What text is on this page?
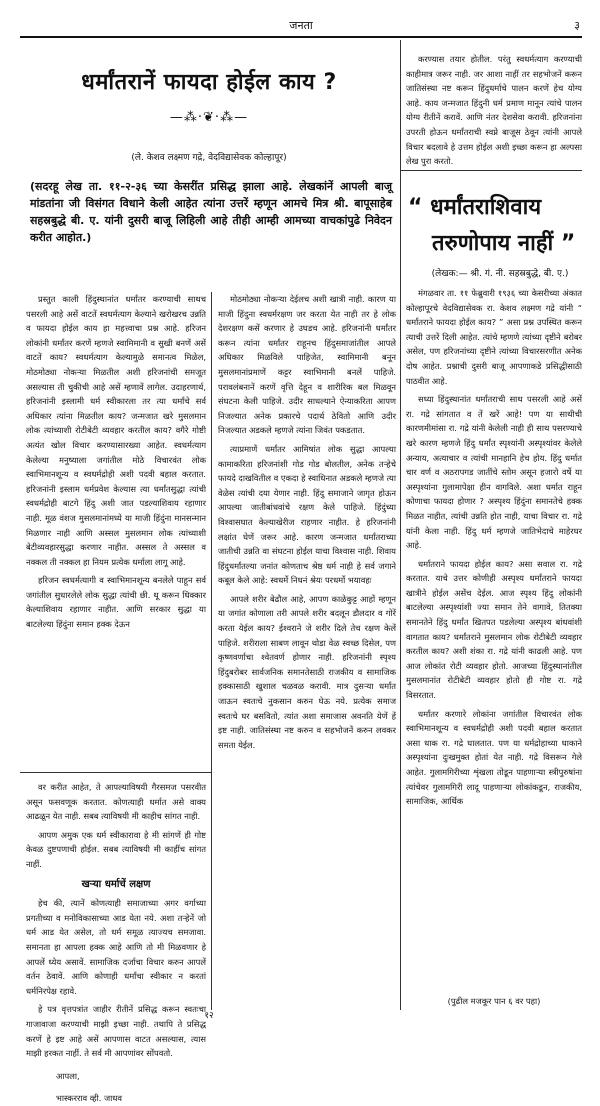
जनता	३
धर्मांतरानें फायदा होईल काय ?
—⁂·❦·⁂—
(ले. केशव लक्ष्मण गद्रे, वेदविद्यासेवक कोल्हापूर)
(सदरहू लेख ता. ११-२-३६ च्या केसरींत प्रसिद्ध झाला आहे. लेखकांनें आपली बाजू मांडतांना जी विसंगत विधाने केली आहेत त्यांना उत्तरें म्हणून आमचे मित्र श्री. बापूसाहेब सहस्रबुद्धे बी. ए. यांनी दुसरी बाजू लिहिली आहे तीही आम्ही आमच्या वाचकांपुढे निवेदन करीत आहोत.)

प्रस्तुत काली हिंदुस्थानांत धर्मांतर करण्याची साथच पसरली आहे असें वाटतें स्वधर्मत्याग केल्याने खरोखरच उन्नति व फायदा होईल काय हा महत्त्वाचा प्रश्न आहे. हरिजन लोकांनी धर्मांतर करणें म्हणजे स्वामिमानी व सुखी बनणें असें वाटतें काय? स्वधर्मत्याग केल्यामुळे समानत्व मिळेल, मोठमोठ्या नोकऱ्या मिळतील अशी हरिजनांची समजूत असल्यास ती चुकीची आहे असें म्हणावें लागेल. उदाहरणार्थ, हरिजनांनी इस्लामी धर्म स्वीकारला तर त्या धर्मांचे सर्व अधिकार त्यांना मिळतील काय? जन्मजात खरे मुसलमान लोक त्यांच्याशी रोटीबेटी व्यवहार करतील काय? वगैरे गोष्टी अत्यंत खोल विचार करण्यासारख्या आहेत. स्वधर्मत्याग केलेल्या मनुष्याला जगांतील मोठे विचारवंत लोक स्वाभिमानशून्य व स्वधर्मद्रोही अशी पदवी बहाल करतात. हरिजनांनी इस्लाम धर्मप्रवेश केल्यास त्या धर्मांतसुद्धा त्यांची स्वधर्मद्रोही बाटगे हिंदु अशी जात पडल्याशिवाय रहाणार नाही. मूळ वंशज मुसलमानांमध्ये या माजी हिंदुंना मानसन्मान मिळणार नाही आणि अस्सल मुसलमान लोक त्यांच्याशी बेटीव्यवहारसुद्धा करणार नाहीत. अस्सल ते अस्सल व नक्कल ती नक्कल हा नियम प्रत्येक धर्माला लागू आहे.

हरिजन स्वधर्मत्यागी व स्वाभिमानशून्य बनलेले पाहून सर्व जगांतील सुधारलेले लोक सुद्धा त्यांची छी. थू करून धिक्कार केल्याशिवाय रहाणार नाहीत. आणि सरकार सुद्धा या बाटलेल्या हिंदुंना समान हक्क देऊन

मोठमोठ्या नोकऱ्या देईलच अशी खात्री नाही. कारण या माजी हिंदुना स्वधर्मरक्षण जर करता येत नाही तर हे लोक देशरक्षण कसें करणार हे उघडच आहे. हरिजनांनी धर्मांतर करून त्यांना धर्मांतर राहूनच हिंदुसमाजांतील आपले अधिकार मिळविले पाहिजेत, स्वामिमानी बनून मुसलमानांप्रमाणें कट्टर स्वाभिमानी बनलें पाहिजे. परावलंबनानें करणें वृत्ति देहून व शारीरिक बल मिळवून संघटना केली पाहिजे. उदीर साधल्याने ऐन्याकरिता आपण निजल्यात अनेक प्रकारचे पदार्थ ठेवितो आणि उदीर निजल्यात अडकले म्हणजे त्यांना जिवंत पकडतात.

त्याप्रमाणें धर्मांतर आमिषांत लोक सुद्धा आपल्या कामाकरिता हरिजनांशी गोड गोड बोलतील, अनेक तऱ्हेचे फायदे दाखवितील व एकदा हे स्वाधिनात अडकले म्हणजे त्या वेळेस त्यांची दया येणार नाही. हिंदु समाजाने जागृत होऊन आपल्या जातीबांधवांचे रक्षण केले पाहिजे. हिंदुंच्या विश्वासघात केल्याखेरीज राहणार नाहीत. हे हरिजनांनी लक्षांत घेणें जरूर आहे. कारण जन्मजात धर्मांतराच्या जातीची उन्नति वा संघटना होईल याचा विश्वास नाही. शिवाय हिंदुधर्मांतल्या जनांत कोणताच श्रेष्ठ धर्म नाही हे सर्व जगाने कबूल केले आहे: स्वधर्मे निधनं श्रेयः परधर्मो भयावहः

आपले शरीर बेढौल आहे, आपण काळेकुट्ट आहों म्हणून या जगांत कोणाला तरी आपले शरीर बदलून डौलदार व गोरें करता येईल काय? ईश्वराने जे शरीर दिले तेच रक्षण केलें पाहिजे. शरीराला साबण लावून थोडा वेळ स्वच्छ दिसेल, पण कृष्णवर्णाचा श्वेतवर्ण होणार नाही. हरिजनांनी स्पृश्य हिंदुबरोबर सार्वजनिक समानतेसाठी राजकीय व सामाजिक हक्कासाठी खुशाल चळवळ करावी. मात्र दुसऱ्या धर्मांत जाऊन स्वतःचे नुकसान करुन घेऊ नये. प्रत्येक समाज स्वतःचे घर बसवितो, त्यांत अशा समाजास अवनति येणें हें इष्ट नाही. जातिसंस्था नष्ट करुन व सहभोजनें करुन लवकर समता येईल.

वर करीत आहेत, ते आपल्याविषयी गैरसमज पसरवीत असून फसवणूक करतात. कोणत्याही धर्मात असे वाक्य आढळून येत नाही. सबब त्याविषयी मी काहीच सांगत नाही.

आपण अमुक एक धर्म स्वीकारावा हे मी सांगणें ही गोष्ट केवळ दुष्टपणाची होईल. सबब त्याविषयी मी काहींच सांगत नाहीं.

खऱ्या धर्माचें लक्षण

हेच की, त्यानें कोणत्याही समाजाच्या अगर वर्गाच्या प्रगतीच्या व मनोविकासाच्या आड येता नये. अशा तऱ्हेनें जो धर्म आड येत असेल, तो धर्म समूळ त्याज्यच समजावा. समानता हा आपला हक्क आहे आणि तो मी मिळवणार हे आपलें ध्येय असावें. सामाजिक दर्जाचा विचार करुन आपलें वर्तन ठेवावें. आणि कोणाही धर्मांचा स्वीकार न करतां धर्मनिरपेक्ष रहावे.

हे पत्र वृत्तपत्रांत जाहीर रीतीनें प्रसिद्ध करून स्वतःचा गाजावाजा करण्याची माझी इच्छा नाही. तथापि ते प्रसिद्ध करणें हे इष्ट आहे असें आपणास वाटत असल्यास, त्यास माझी हरकत नाहीं. ते सर्व मी आपणांवर सोंपवतो.

आपला,
भास्करराव व्ही. जाधव

करण्यास तयार होतील. परंतु स्वधर्मत्याग करण्याची काहीमात्र जरूर नाही. जर आशा नाहीं तर सहभोजनें करून जातिसंस्था नष्ट करून हिंदुधर्माचे पालन करणें हेच योग्य आहे. काय जन्मजात हिंदुनी धर्म प्रमाण मानून त्यांचे पालन योग्य रीतीनें करावें. आणि नंतर देशसेवा करावी. हरिजनांना उपरती होऊन धर्मांतराची स्वप्ने बाजूस ठेवून त्यांनी आपले विचार बदलावे हे उत्तम होईल अशी इच्छा करून हा अल्पसा लेख पुरा करतो.

“ धर्मांतराशिवाय
तरुणोपाय नाहीं ”
(लेखक:— श्री. गं. नी. सहस्रबुद्धे, बी. ए.)

मंगळवार ता. ११ फेब्रुवारी १९३६ च्या केसरीच्या अंकात कोल्हापूरचे वेदविद्यासेवक रा. केशव लक्ष्मण गद्रे यांनी “ धर्मांतराने फायदा होईल काय? ” असा प्रश्न उपस्थित करून त्याची उत्तरें दिली आहेत. त्यांचे म्हणणे त्यांच्या दृष्टीने बरोबर असेल, पण हरिजनांच्या दृष्टीने त्यांच्या विचारसरणीत अनेक दोष आहेत. प्रश्नाची दुसरी बाजू आपणाकडे प्रसिद्धीसाठी पाठवीत आहे.

सध्या हिंदुस्थानांत धर्मांतराची साथ पसरली आहे असें रा. गद्रे सांगतात व तें खरें आहे! पण या साथीची कारणमीमांसा रा. गद्रे यांनी केलेली नाही ही साथ पसरण्याचे खरे कारण म्हणजे हिंदु धर्मांत स्पृश्यांनी अस्पृश्यांवर केलेले अन्याय, अत्याचार व त्यांची मानहानि हेच होय. हिंदु धर्मात चार वर्ण व अठरापगड जातींचे स्तोम असून हजारो वर्षे या अस्पृश्यांना गुलामापेक्षा हीन वागविले. अशा धर्मात राहून कोणाचा फायदा होणार ? अस्पृश्य हिंदुंना समानतेचे हक्क मिळत नाहीत, त्यांची उन्नति होत नाही, याचा विचार रा. गद्रे यांनी केला नाही. हिंदु धर्म म्हणजे जातिभेदाचे माहेरघर आहे.

धर्मांतराने फायदा होईल काय? असा सवाल रा. गद्रे करतात. याचे उत्तर कोणीही अस्पृश्य धर्मांतराने फायदा खात्रीने होईल असेंच देईल. आज स्पृश्य हिंदु लोकांनी बाटलेल्या अस्पृश्यांशी ज्या समान तेने वागावे, तितक्या समानतेने हिंदु धर्मांत खितपत पडलेल्या अस्पृश्य बांधवांशी वागतात काय? धर्मांतराने मुसलमान लोक रोटीबेटी व्यवहार करतील काय? अशी शंका रा. गद्रे यांनी काढली आहे. पण आज लोकांत रोटी व्यवहार होतो. आजच्या हिंदुस्थानांतील मुसलमानांत रोटीबेटी व्यवहार होतो ही गोष्ट रा. गद्रे विसरतात.

धर्मांतर करणारे लोकांना जगांतील विचारवंत लोक स्वाभिमानशून्य व स्वधर्मद्रोही अशी पदवी बहाल करतात असा धाक रा. गद्रे घालतात. पण या धर्मद्रोहाच्या धाकाने अस्पृश्यांना दुःखमुक्त होतां येत नाही. गद्रे विसरून गेले आहेत. गुलामगिरीच्या शृंखला तोडून पाहणाऱ्या स्त्रीपुरुषांना त्यांचेवर गुलामगिरी लादू पाहणाऱ्या लोकांकडून, राजकीय, सामाजिक, आर्थिक

(पुढील मजकूर पान ६ वर पहा)
१२
